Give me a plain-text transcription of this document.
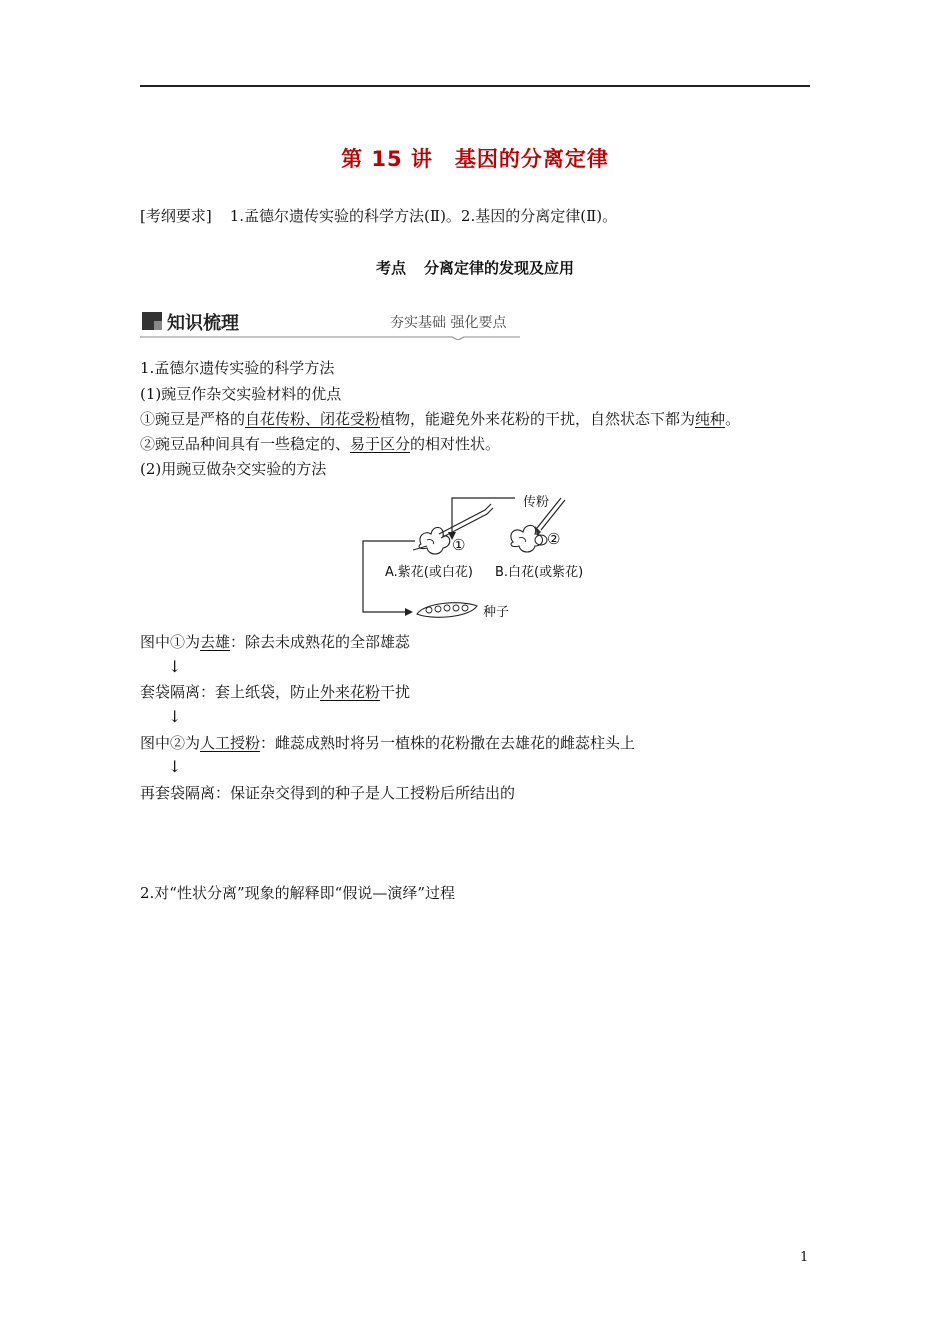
第 15 讲 基因的分离定律
[考纲要求] 1.孟德尔遗传实验的科学方法(Ⅱ)。2.基因的分离定律(Ⅱ)。
考点 分离定律的发现及应用
知识梳理	夯实基础 强化要点
1.孟德尔遗传实验的科学方法
(1)豌豆作杂交实验材料的优点
①豌豆是严格的自花传粉、闭花受粉植物，能避免外来花粉的干扰，自然状态下都为纯种。
②豌豆品种间具有一些稳定的、易于区分的相对性状。
(2)用豌豆做杂交实验的方法
传粉
①	②
A.紫花(或白花) B.白花(或紫花)
种子
图中①为去雄：除去未成熟花的全部雄蕊
↓
套袋隔离：套上纸袋，防止外来花粉干扰
↓
图中②为人工授粉：雌蕊成熟时将另一植株的花粉撒在去雄花的雌蕊柱头上
↓
再套袋隔离：保证杂交得到的种子是人工授粉后所结出的
2.对“性状分离”现象的解释即“假说—演绎”过程
1
